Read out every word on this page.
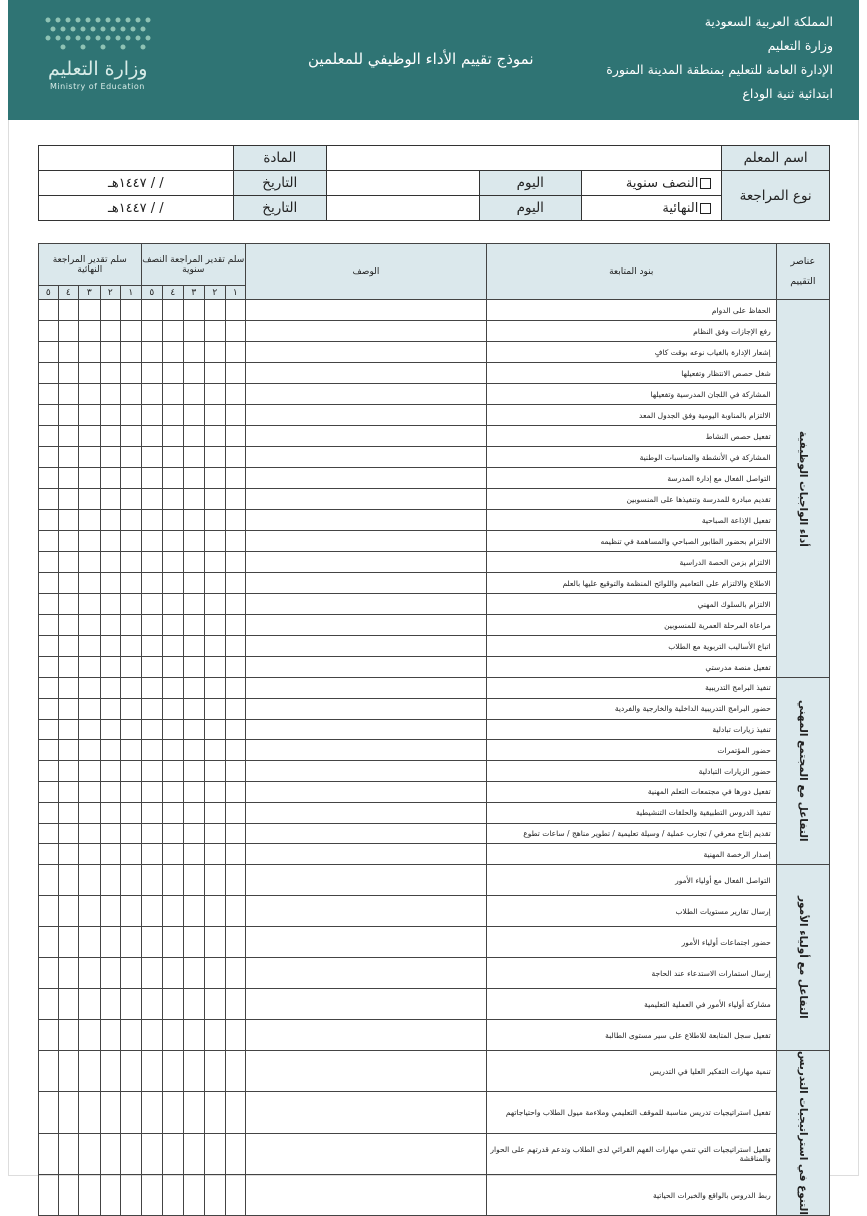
المملكة العربية السعودية
وزارة التعليم
الإدارة العامة للتعليم بمنطقة المدينة المنورة
ابتدائية ثنية الوداع
نموذج تقييم الأداء الوظيفي للمعلمين
وزارة التعليم
Ministry of Education
اسم المعلم				المادة	
نوع المراجعة	النصف سنوية	اليوم		التاريخ	/ / ١٤٤٧هـ
	النهائية	اليوم		التاريخ	/ / ١٤٤٧هـ
عناصر التقييم	بنود المتابعة	الوصف	سلم تقدير المراجعة النصف سنوية					سلم تقدير المراجعة النهائية				
			١	٢	٣	٤	٥	١	٢	٣	٤	٥

أداء الواجبات الوظيفية	الحفاظ على الدوام											
	رفع الإجازات وفق النظام											
	إشعار الإدارة بالغياب نوعه بوقت كافٍ											
	شغل حصص الانتظار وتفعيلها											
	المشاركة في اللجان المدرسية وتفعيلها											
	الالتزام بالمناوبة اليومية وفق الجدول المعد											
	تفعيل حصص النشاط											
	المشاركة في الأنشطة والمناسبات الوطنية											
	التواصل الفعال مع إدارة المدرسة											
	تقديم مبادرة للمدرسة وتنفيذها على المنسوبين											
	تفعيل الإذاعة الصباحية											
	الالتزام بحضور الطابور الصباحي والمساهمة في تنظيمه											
	الالتزام بزمن الحصة الدراسية											
	الاطلاع والالتزام على التعاميم واللوائح المنظمة والتوقيع عليها بالعلم											
	الالتزام بالسلوك المهني											
	مراعاة المرحلة العمرية للمنسوبين											
	اتباع الأساليب التربوية مع الطلاب											
	تفعيل منصة مدرستي											

التفاعل مع المجتمع المهني	تنفيذ البرامج التدريبية											
	حضور البرامج التدريبية الداخلية والخارجية والفردية											
	تنفيذ زيارات تبادلية											
	حضور المؤتمرات											
	حضور الزيارات التبادلية											
	تفعيل دورها في مجتمعات التعلم المهنية											
	تنفيذ الدروس التطبيقية والحلقات التنشيطية											
	تقديم إنتاج معرفي / تجارب عملية / وسيلة تعليمية / تطوير مناهج / ساعات تطوع											
	إصدار الرخصة المهنية											

التفاعل مع أولياء الأمور	التواصل الفعال مع أولياء الأمور											
	إرسال تقارير مستويات الطلاب											
	حضور اجتماعات أولياء الأمور											
	إرسال استمارات الاستدعاء عند الحاجة											
	مشاركة أولياء الأمور في العملية التعليمية											
	تفعيل سجل المتابعة للاطلاع على سير مستوى الطالبة											

التنوع في استراتيجيات التدريس	تنمية مهارات التفكير العليا في التدريس											
	تفعيل استراتيجيات تدريس مناسبة للموقف التعليمي وملاءمة ميول الطلاب واحتياجاتهم											
	تفعيل استراتيجيات التي تنمي مهارات الفهم القرائي لدى الطلاب وتدعم قدرتهم على الحوار والمناقشة											
	ربط الدروس بالواقع والخبرات الحياتية											
